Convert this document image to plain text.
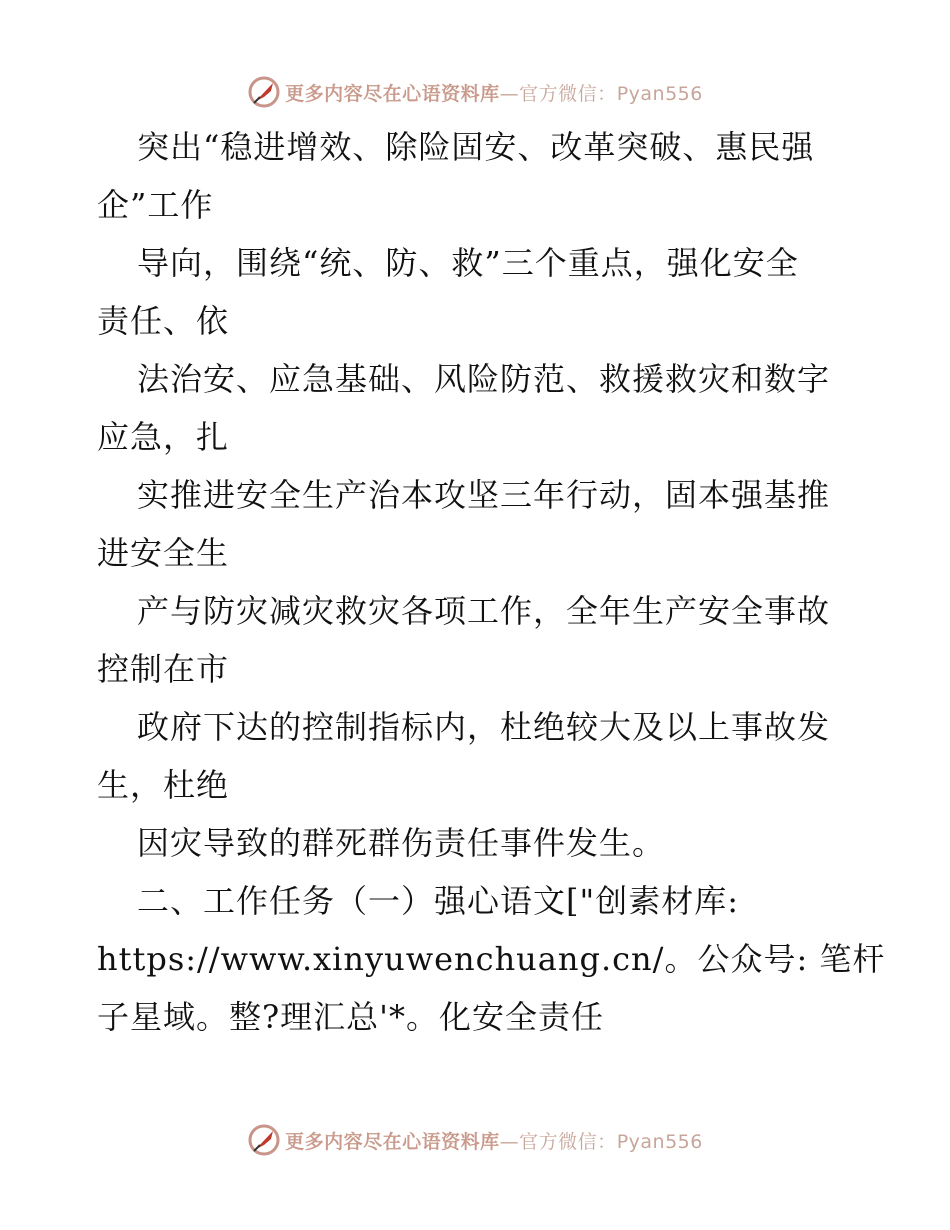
更多内容尽在心语资料库—官方微信：Pyan556
突出“稳进增效、除险固安、改革突破、惠民强
企”工作
导向，围绕“统、防、救”三个重点，强化安全
责任、依
法治安、应急基础、风险防范、救援救灾和数字
应急，扎
实推进安全生产治本攻坚三年行动，固本强基推
进安全生
产与防灾减灾救灾各项工作，全年生产安全事故
控制在市
政府下达的控制指标内，杜绝较大及以上事故发
生，杜绝
因灾导致的群死群伤责任事件发生。
二、工作任务（一）强心语文["创素材库:
https://www.xinyuwenchuang.cn/。公众号: 笔杆
子星域。整?理汇总'*。化安全责任
更多内容尽在心语资料库—官方微信：Pyan556
